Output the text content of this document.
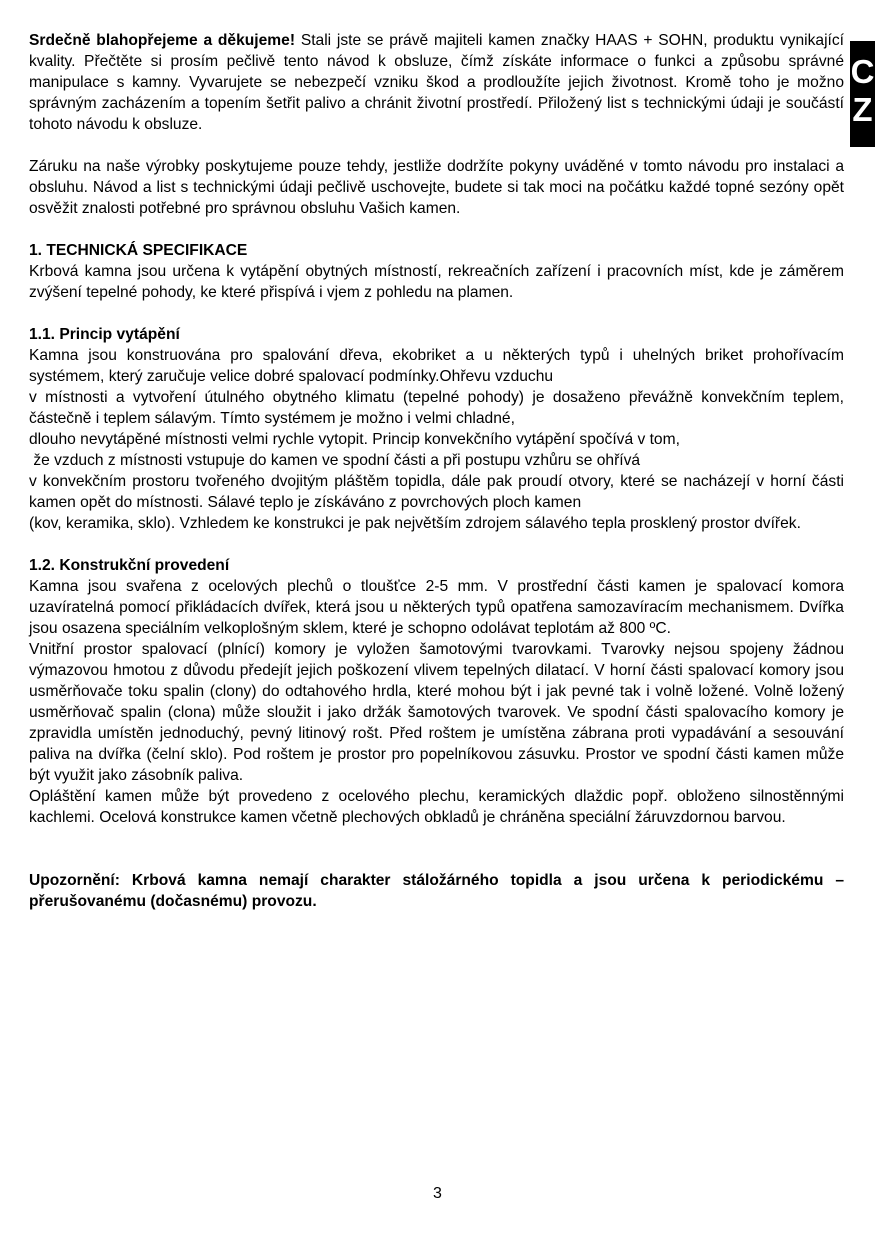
C
Z

Srdečně blahopřejeme a děkujeme! Stali jste se právě majiteli kamen značky HAAS + SOHN, produktu vynikající kvality. Přečtěte si prosím pečlivě tento návod k obsluze, čímž získáte informace o funkci a způsobu správné manipulace s kamny. Vyvarujete se nebezpečí vzniku škod a prodloužíte jejich životnost. Kromě toho je možno správným zacházením a topením šetřit palivo a chránit životní prostředí. Přiložený list s technickými údaji je součástí tohoto návodu k obsluze.

Záruku na naše výrobky poskytujeme pouze tehdy, jestliže dodržíte pokyny uváděné v tomto návodu pro instalaci a obsluhu. Návod a list s technickými údaji pečlivě uschovejte, budete si tak moci na počátku každé topné sezóny opět osvěžit znalosti potřebné pro správnou obsluhu Vašich kamen.

1. TECHNICKÁ SPECIFIKACE

Krbová kamna jsou určena k vytápění obytných místností, rekreačních zařízení i pracovních míst, kde je záměrem zvýšení tepelné pohody, ke které přispívá i vjem z pohledu na plamen.

1.1. Princip vytápění

Kamna jsou konstruována pro spalování dřeva, ekobriket a u některých typů i uhelných briket prohořívacím systémem, který zaručuje velice dobré spalovací podmínky.Ohřevu vzduchu

v místnosti a vytvoření útulného obytného klimatu (tepelné pohody) je dosaženo převážně konvekčním teplem, částečně i teplem sálavým. Tímto systémem je možno i velmi chladné,

dlouho nevytápěné místnosti velmi rychle vytopit. Princip konvekčního vytápění spočívá v tom,

že vzduch z místnosti vstupuje do kamen ve spodní části a při postupu vzhůru se ohřívá

v konvekčním prostoru tvořeného dvojitým pláštěm topidla, dále pak proudí otvory, které se nacházejí v horní části kamen opět do místnosti. Sálavé teplo je získáváno z povrchových ploch kamen

(kov, keramika, sklo). Vzhledem ke konstrukci je pak největším zdrojem sálavého tepla prosklený prostor dvířek.

1.2. Konstrukční provedení

Kamna jsou svařena z ocelových plechů o tloušťce 2-5 mm. V prostřední části kamen je spalovací komora uzavíratelná pomocí přikládacích dvířek, která jsou u některých typů opatřena samozavíracím mechanismem. Dvířka jsou osazena speciálním velkoplošným sklem, které je schopno odolávat teplotám až 800 ºC.

Vnitřní prostor spalovací (plnící) komory je vyložen šamotovými tvarovkami. Tvarovky nejsou spojeny žádnou výmazovou hmotou z důvodu předejít jejich poškození vlivem tepelných dilatací. V horní části spalovací komory jsou usměrňovače toku spalin (clony) do odtahového hrdla, které mohou být i jak pevné tak i volně ložené. Volně ložený usměrňovač spalin (clona) může sloužit i jako držák šamotových tvarovek. Ve spodní části spalovacího komory je zpravidla umístěn jednoduchý, pevný litinový rošt. Před roštem je umístěna zábrana proti vypadávání a sesouvání paliva na dvířka (čelní sklo). Pod roštem je prostor pro popelníkovou zásuvku. Prostor ve spodní části kamen může být využit jako zásobník paliva.

Opláštění kamen může být provedeno z ocelového plechu, keramických dlaždic popř. obloženo silnostěnnými kachlemi. Ocelová konstrukce kamen včetně plechových obkladů je chráněna speciální žáruvzdornou barvou.

Upozornění: Krbová kamna nemají charakter stáložárného topidla a jsou určena k periodickému – přerušovanému (dočasnému) provozu.

3
